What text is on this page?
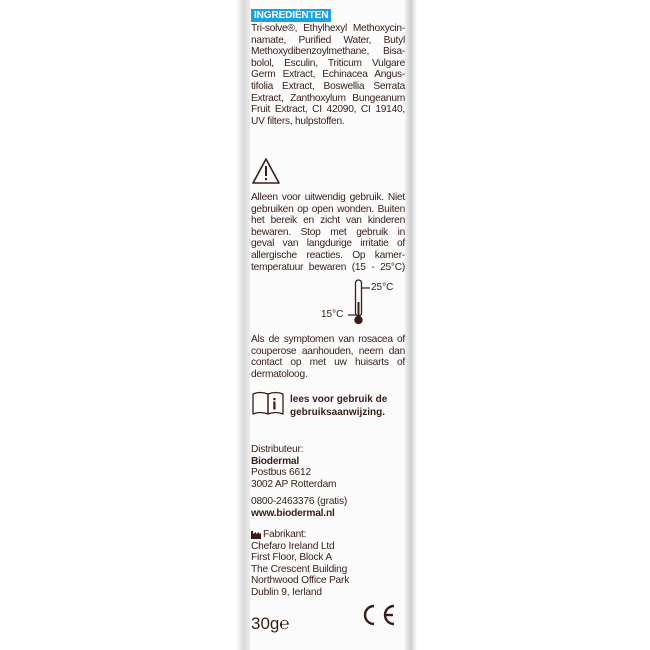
INGREDIËNTEN
Tri-solve®, Ethylhexyl Methoxycin-
namate, Purified Water, Butyl
Methoxydibenzoylmethane, Bisa-
bolol, Esculin, Triticum Vulgare
Germ Extract, Echinacea Angus-
tifolia Extract, Boswellia Serrata
Extract, Zanthoxylum Bungeanum
Fruit Extract, CI 42090, CI 19140,
UV filters, hulpstoffen.
Alleen voor uitwendig gebruik. Niet
gebruiken op open wonden. Buiten
het bereik en zicht van kinderen
bewaren. Stop met gebruik in
geval van langdurige irritatie of
allergische reacties. Op kamer-
temperatuur bewaren (15 - 25°C)
25°C
15°C
Als de symptomen van rosacea of
couperose aanhouden, neem dan
contact op met uw huisarts of
dermatoloog.
lees voor gebruik de
gebruiksaanwijzing.
Distributeur:
Biodermal
Postbus 6612
3002 AP Rotterdam
0800-2463376 (gratis)
www.biodermal.nl
Fabrikant:
Chefaro Ireland Ltd
First Floor, Block A
The Crescent Building
Northwood Office Park
Dublin 9, Ierland
30g℮	CE
